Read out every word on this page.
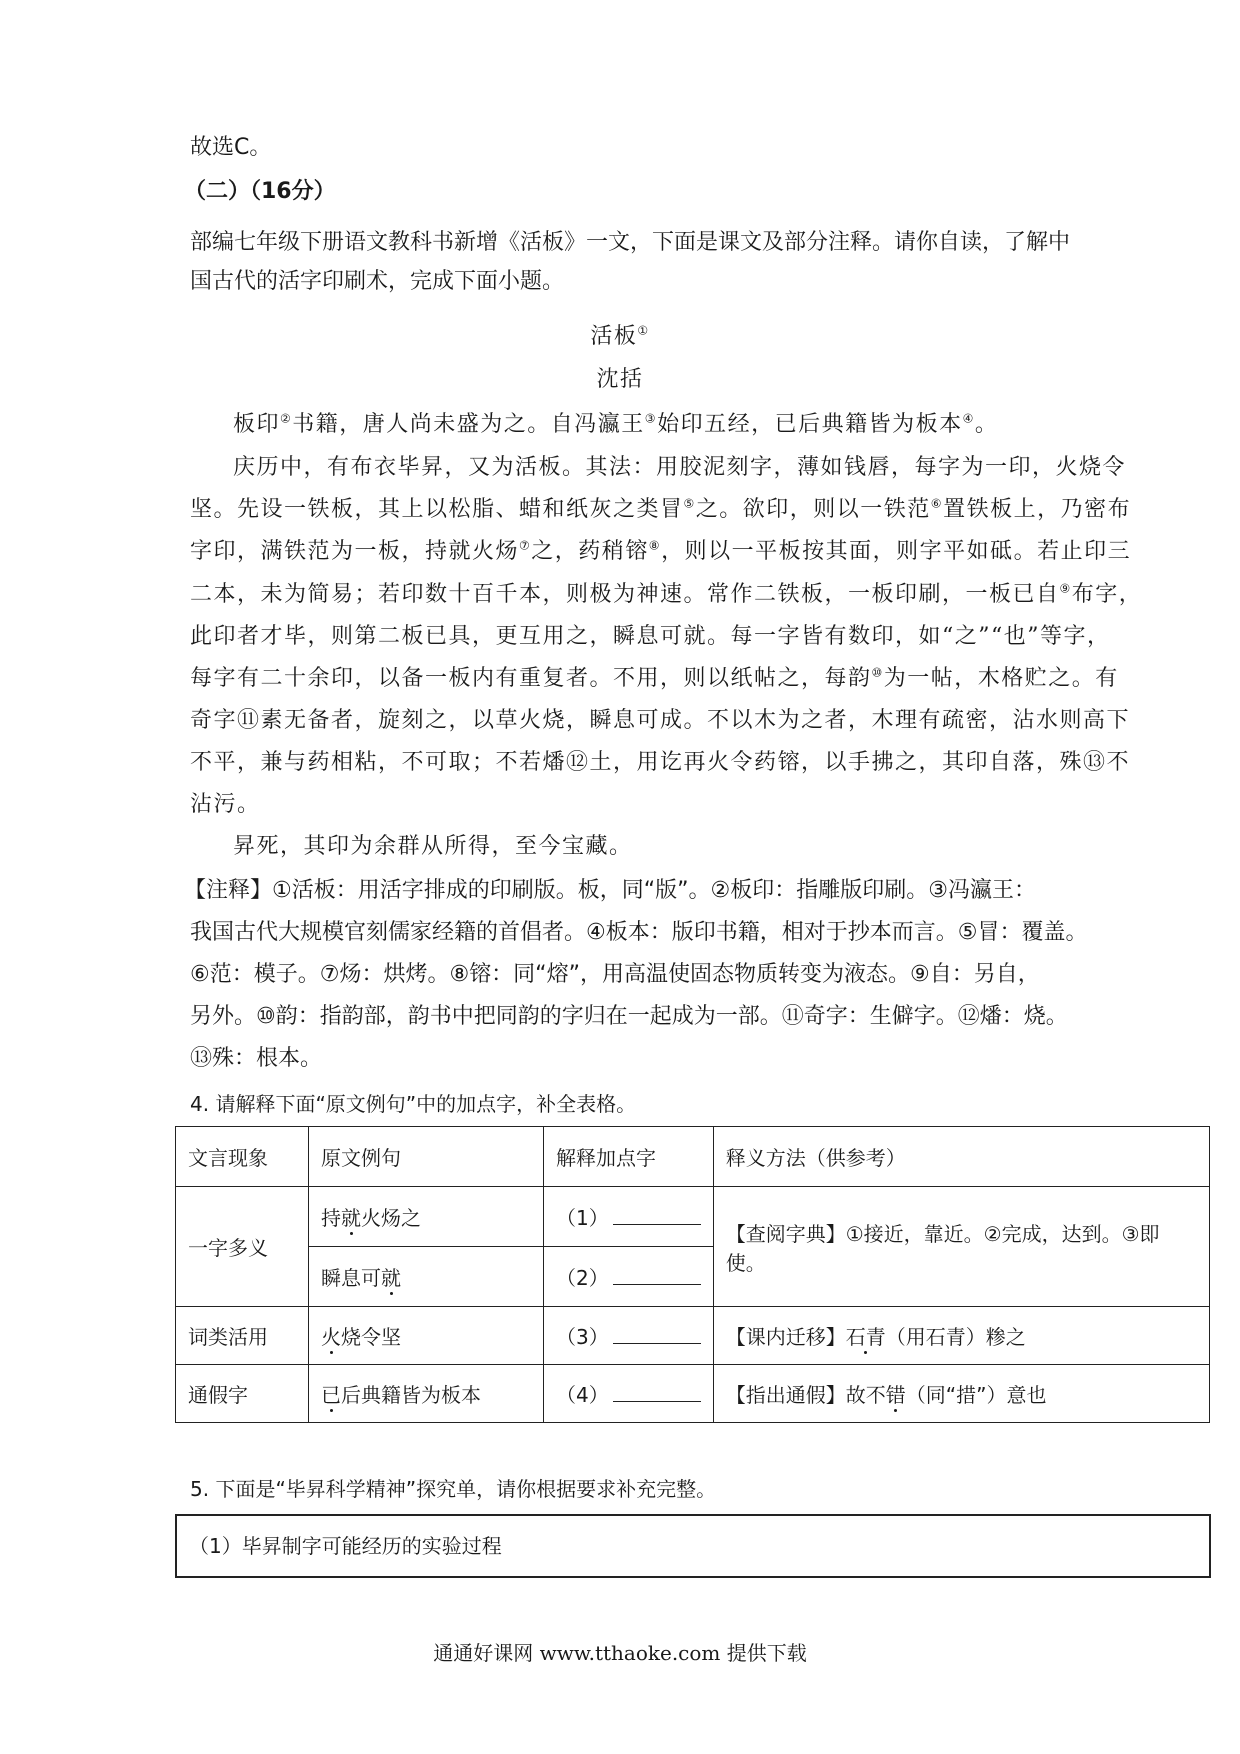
故选C。
（二）（16分）
部编七年级下册语文教科书新增《活板》一文，下面是课文及部分注释。请你自读，了解中
国古代的活字印刷术，完成下面小题。
活板①
沈括
板印②书籍，唐人尚未盛为之。自冯瀛王③始印五经，已后典籍皆为板本④。
庆历中，有布衣毕昇，又为活板。其法：用胶泥刻字，薄如钱唇，每字为一印，火烧令
坚。先设一铁板，其上以松脂、蜡和纸灰之类冒⑤之。欲印，则以一铁范⑥置铁板上，乃密布
字印，满铁范为一板，持就火炀⑦之，药稍镕⑧，则以一平板按其面，则字平如砥。若止印三
二本，未为简易；若印数十百千本，则极为神速。常作二铁板，一板印刷，一板已自⑨布字，
此印者才毕，则第二板已具，更互用之，瞬息可就。每一字皆有数印，如“之”“也”等字，
每字有二十余印，以备一板内有重复者。不用，则以纸帖之，每韵⑩为一帖，木格贮之。有
奇字⑪素无备者，旋刻之，以草火烧，瞬息可成。不以木为之者，木理有疏密，沾水则高下
不平，兼与药相粘，不可取；不若燔⑫土，用讫再火令药镕，以手拂之，其印自落，殊⑬不
沾污。
昇死，其印为余群从所得，至今宝藏。
【注释】①活板：用活字排成的印刷版。板，同“版”。②板印：指雕版印刷。③冯瀛王：
我国古代大规模官刻儒家经籍的首倡者。④板本：版印书籍，相对于抄本而言。⑤冒：覆盖。
⑥范：模子。⑦炀：烘烤。⑧镕：同“熔”，用高温使固态物质转变为液态。⑨自：另自，
另外。⑩韵：指韵部，韵书中把同韵的字归在一起成为一部。⑪奇字：生僻字。⑫燔：烧。
⑬殊：根本。
4. 请解释下面“原文例句”中的加点字，补全表格。
文言现象	原文例句	解释加点字	释义方法（供参考）
一字多义	持就火炀之	（1）	【查阅字典】①接近，靠近。②完成，达到。③即使。
	瞬息可就	（2）	
词类活用	火烧令坚	（3）	【课内迁移】石青（用石青）糁之
通假字	已后典籍皆为板本	（4）	【指出通假】故不错（同“措”）意也
5. 下面是“毕昇科学精神”探究单，请你根据要求补充完整。
（1）毕昇制字可能经历的实验过程
通通好课网 www.tthaoke.com 提供下载
